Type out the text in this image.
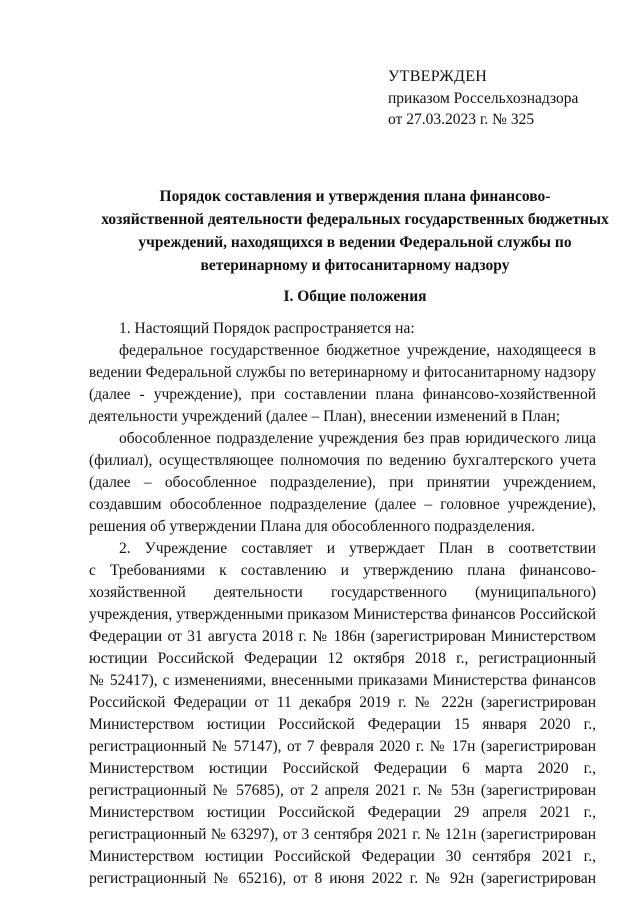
УТВЕРЖДЕН
приказом Россельхознадзора
от 27.03.2023 г. № 325
Порядок составления и утверждения плана финансово-
хозяйственной деятельности федеральных государственных бюджетных
учреждений, находящихся в ведении Федеральной службы по
ветеринарному и фитосанитарному надзору
I. Общие положения
1. Настоящий Порядок распространяется на:
федеральное государственное бюджетное учреждение, находящееся в
ведении Федеральной службы по ветеринарному и фитосанитарному надзору
(далее - учреждение), при составлении плана финансово-хозяйственной
деятельности учреждений (далее – План), внесении изменений в План;
обособленное подразделение учреждения без прав юридического лица
(филиал), осуществляющее полномочия по ведению бухгалтерского учета
(далее – обособленное подразделение), при принятии учреждением,
создавшим обособленное подразделение (далее – головное учреждение),
решения об утверждении Плана для обособленного подразделения.
2. Учреждение составляет и утверждает План в соответствии
с Требованиями к составлению и утверждению плана финансово-
хозяйственной деятельности государственного (муниципального)
учреждения, утвержденными приказом Министерства финансов Российской
Федерации от 31 августа 2018 г. № 186н (зарегистрирован Министерством
юстиции Российской Федерации 12 октября 2018 г., регистрационный
№ 52417), с изменениями, внесенными приказами Министерства финансов
Российской Федерации от 11 декабря 2019 г. № 222н (зарегистрирован
Министерством юстиции Российской Федерации 15 января 2020 г.,
регистрационный № 57147), от 7 февраля 2020 г. № 17н (зарегистрирован
Министерством юстиции Российской Федерации 6 марта 2020 г.,
регистрационный № 57685), от 2 апреля 2021 г. № 53н (зарегистрирован
Министерством юстиции Российской Федерации 29 апреля 2021 г.,
регистрационный № 63297), от 3 сентября 2021 г. № 121н (зарегистрирован
Министерством юстиции Российской Федерации 30 сентября 2021 г.,
регистрационный № 65216), от 8 июня 2022 г. № 92н (зарегистрирован
